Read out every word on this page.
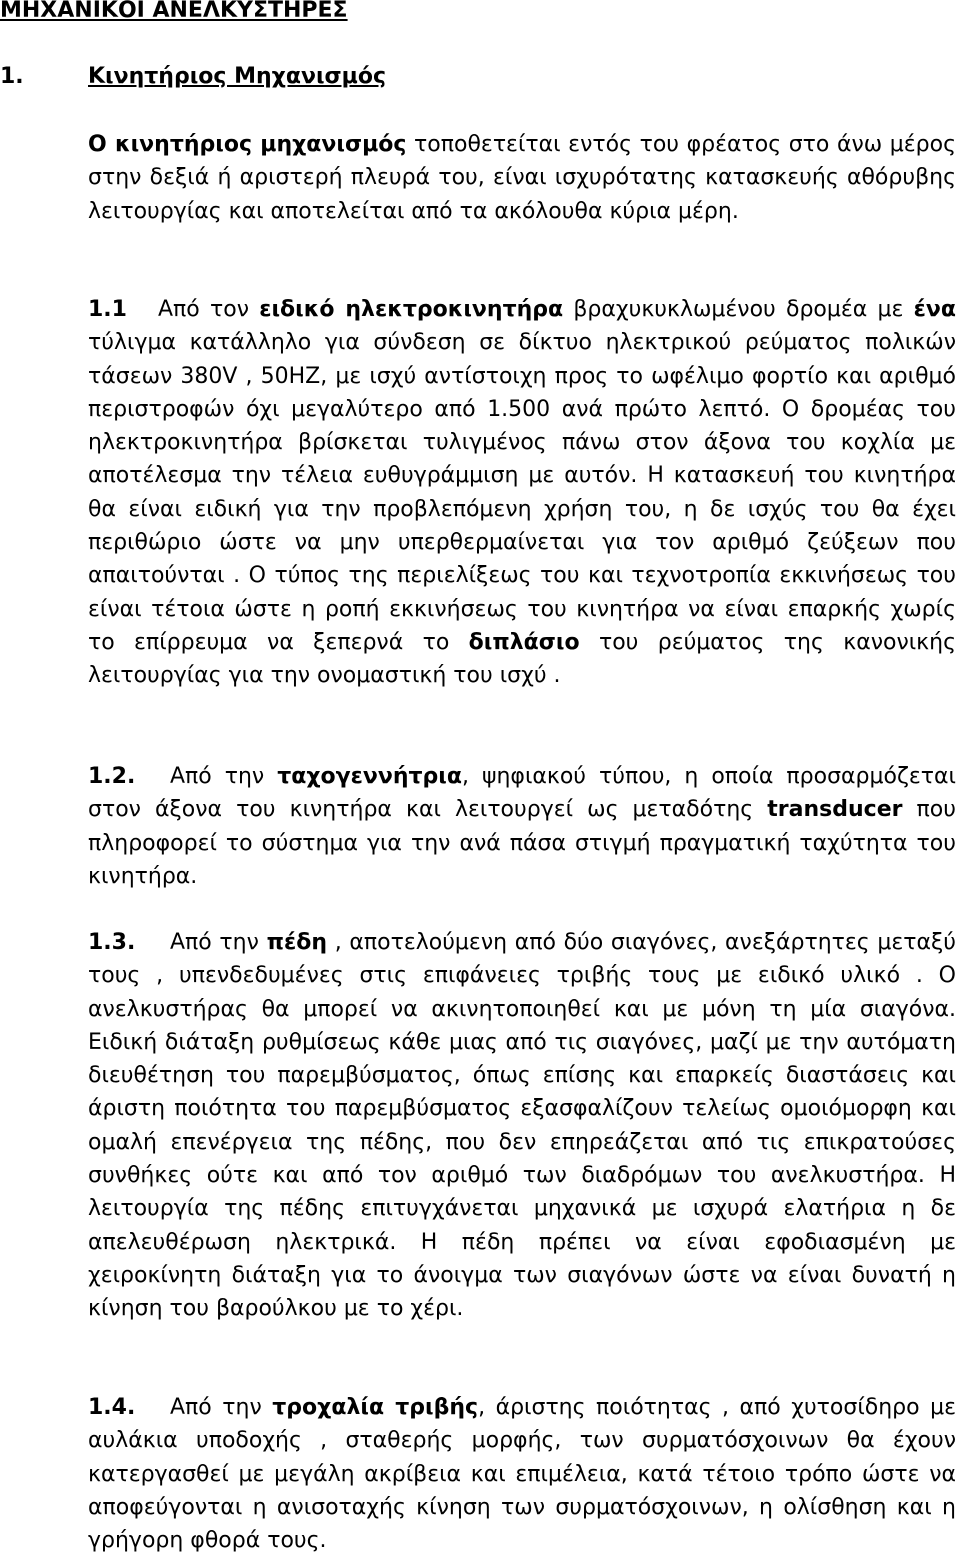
ΜΗΧΑΝΙΚΟΙ ΑΝΕΛΚΥΣΤΗΡΕΣ
1.	Κινητήριος Μηχανισμός

Ο κινητήριος μηχανισμός τοποθετείται εντός του φρέατος στο άνω μέρος στην δεξιά ή αριστερή πλευρά του, είναι ισχυρότατης κατασκευής αθόρυβης λειτουργίας και αποτελείται από τα ακόλουθα κύρια μέρη.

1.1 Από τον ειδικό ηλεκτροκινητήρα βραχυκυκλωμένου δρομέα με ένα τύλιγμα κατάλληλο για σύνδεση σε δίκτυο ηλεκτρικού ρεύματος πολικών τάσεων 380V , 50HZ, με ισχύ αντίστοιχη προς το ωφέλιμο φορτίο και αριθμό περιστροφών όχι μεγαλύτερο από 1.500 ανά πρώτο λεπτό. Ο δρομέας του ηλεκτροκινητήρα βρίσκεται τυλιγμένος πάνω στον άξονα του κοχλία με αποτέλεσμα την τέλεια ευθυγράμμιση με αυτόν. Η κατασκευή του κινητήρα θα είναι ειδική για την προβλεπόμενη χρήση του, η δε ισχύς του θα έχει περιθώριο ώστε να μην υπερθερμαίνεται για τον αριθμό ζεύξεων που απαιτούνται . Ο τύπος της περιελίξεως του και τεχνοτροπία εκκινήσεως του είναι τέτοια ώστε η ροπή εκκινήσεως του κινητήρα να είναι επαρκής χωρίς το επίρρευμα να ξεπερνά το διπλάσιο του ρεύματος της κανονικής λειτουργίας για την ονομαστική του ισχύ .

1.2. Από την ταχογεννήτρια, ψηφιακού τύπου, η οποία προσαρμόζεται στον άξονα του κινητήρα και λειτουργεί ως μεταδότης transducer που πληροφορεί το σύστημα για την ανά πάσα στιγμή πραγματική ταχύτητα του κινητήρα.

1.3. Από την πέδη , αποτελούμενη από δύο σιαγόνες, ανεξάρτητες μεταξύ τους , υπενδεδυμένες στις επιφάνειες τριβής τους με ειδικό υλικό . Ο ανελκυστήρας θα μπορεί να ακινητοποιηθεί και με μόνη τη μία σιαγόνα. Ειδική διάταξη ρυθμίσεως κάθε μιας από τις σιαγόνες, μαζί με την αυτόματη διευθέτηση του παρεμβύσματος, όπως επίσης και επαρκείς διαστάσεις και άριστη ποιότητα του παρεμβύσματος εξασφαλίζουν τελείως ομοιόμορφη και ομαλή επενέργεια της πέδης, που δεν επηρεάζεται από τις επικρατούσες συνθήκες ούτε και από τον αριθμό των διαδρόμων του ανελκυστήρα. Η λειτουργία της πέδης επιτυγχάνεται μηχανικά με ισχυρά ελατήρια η δε απελευθέρωση ηλεκτρικά. Η πέδη πρέπει να είναι εφοδιασμένη με χειροκίνητη διάταξη για το άνοιγμα των σιαγόνων ώστε να είναι δυνατή η κίνηση του βαρούλκου με το χέρι.

1.4. Από την τροχαλία τριβής, άριστης ποιότητας , από χυτοσίδηρο με αυλάκια υποδοχής , σταθερής μορφής, των συρματόσχοινων θα έχουν κατεργασθεί με μεγάλη ακρίβεια και επιμέλεια, κατά τέτοιο τρόπο ώστε να αποφεύγονται η ανισοταχής κίνηση των συρματόσχοινων, η ολίσθηση και η γρήγορη φθορά τους.
